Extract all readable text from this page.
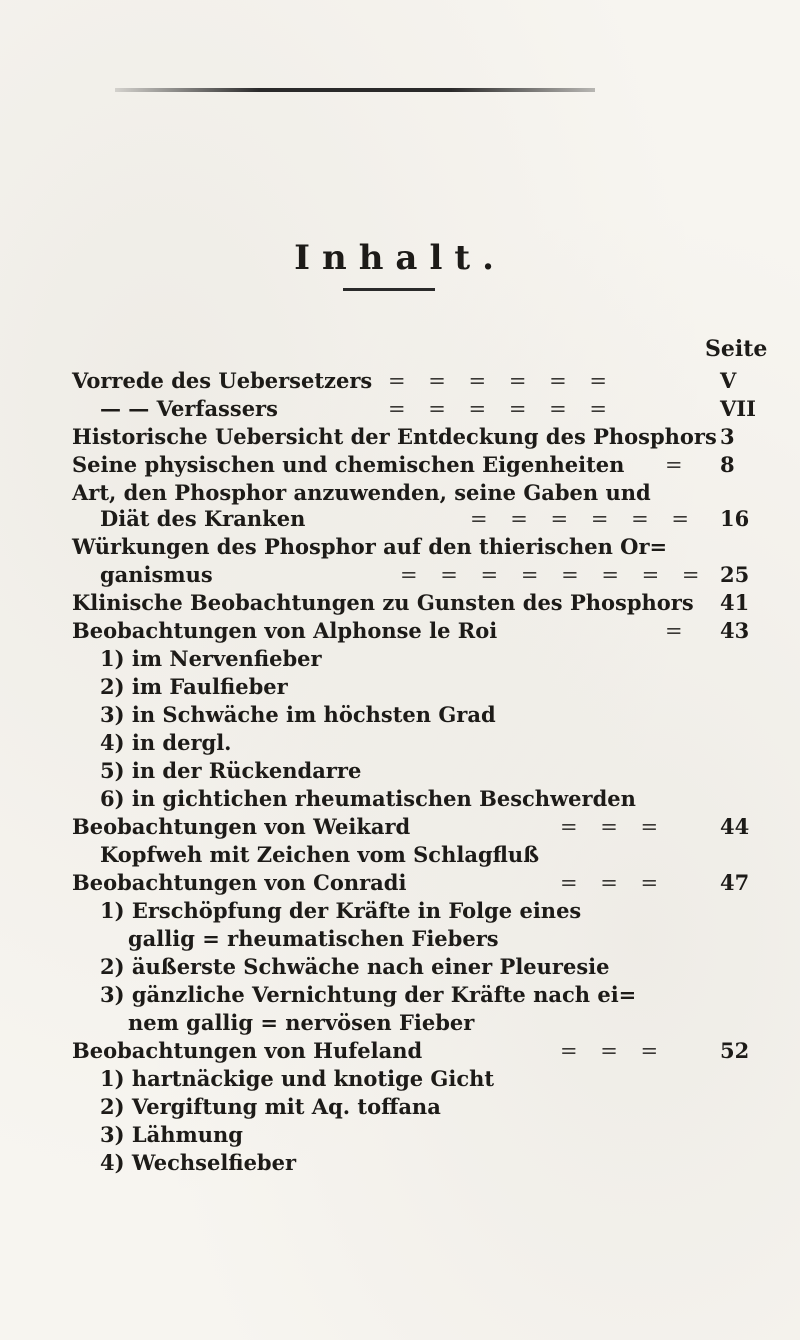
Inhalt.
Seite
Vorrede des Uebersetzers = = = = = =	V
— — Verfassers	= = = = = =	VII
Historische Uebersicht der Entdeckung des Phosphors 3
Seine physischen und chemischen Eigenheiten = 8
Art, den Phosphor anzuwenden, seine Gaben und
Diät des Kranken	= = = = = = 16
Würkungen des Phosphor auf den thierischen Or=
ganismus	= = = = = = = = 25
Klinische Beobachtungen zu Gunsten des Phosphors 41
Beobachtungen von Alphonse le Roi	= 43
1) im Nervenfieber
2) im Faulfieber
3) in Schwäche im höchsten Grad
4) in dergl.
5) in der Rückendarre
6) in gichtichen rheumatischen Beschwerden
Beobachtungen von Weikard	= = =	44
Kopfweh mit Zeichen vom Schlagfluß
Beobachtungen von Conradi	= = =	47
1) Erschöpfung der Kräfte in Folge eines
gallig = rheumatischen Fiebers
2) äußerste Schwäche nach einer Pleuresie
3) gänzliche Vernichtung der Kräfte nach ei=
nem gallig = nervösen Fieber
Beobachtungen von Hufeland	= = =	52
1) hartnäckige und knotige Gicht
2) Vergiftung mit Aq. toffana
3) Lähmung
4) Wechselfieber
